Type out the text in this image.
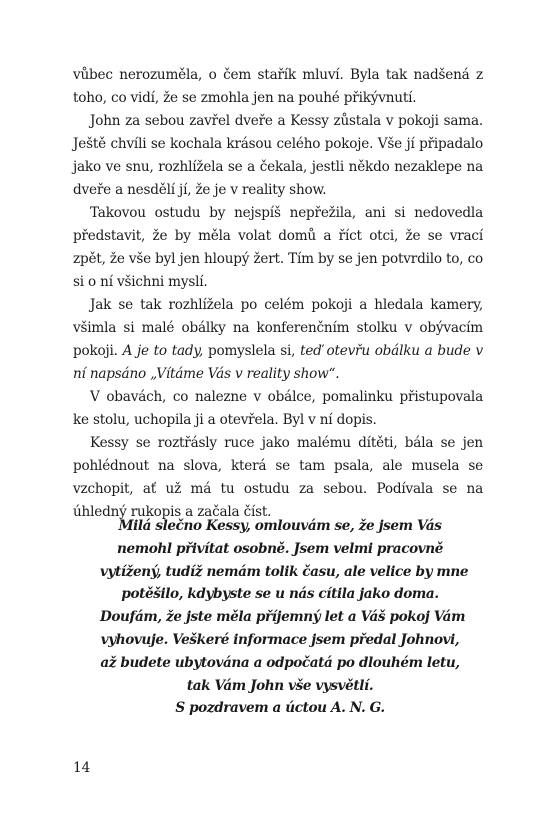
vůbec nerozuměla, o čem stařík mluví. Byla tak nadšená z toho, co vidí, že se zmohla jen na pouhé přikývnutí.

John za sebou zavřel dveře a Kessy zůstala v pokoji sama. Ještě chvíli se kochala krásou celého pokoje. Vše jí připadalo jako ve snu, rozhlížela se a čekala, jestli někdo nezaklepe na dveře a nesdělí jí, že je v reality show.

Takovou ostudu by nejspíš nepřežila, ani si nedovedla představit, že by měla volat domů a říct otci, že se vrací zpět, že vše byl jen hloupý žert. Tím by se jen potvrdilo to, co si o ní všichni myslí.

Jak se tak rozhlížela po celém pokoji a hledala kamery, všimla si malé obálky na konferenčním stolku v obývacím pokoji. A je to tady, pomyslela si, teď otevřu obálku a bude v ní napsáno „Vítáme Vás v reality show“.

V obavách, co nalezne v obálce, pomalinku přistupovala ke stolu, uchopila ji a otevřela. Byl v ní dopis.

Kessy se roztřásly ruce jako malému dítěti, bála se jen pohlédnout na slova, která se tam psala, ale musela se vzchopit, ať už má tu ostudu za sebou. Podívala se na úhledný rukopis a začala číst.

Milá slečno Kessy, omlouvám se, že jsem Vás
nemohl přivítat osobně. Jsem velmi pracovně
vytížený, tudíž nemám tolik času, ale velice by mne
potěšilo, kdybyste se u nás cítila jako doma.
Doufám, že jste měla příjemný let a Váš pokoj Vám
vyhovuje. Veškeré informace jsem předal Johnovi,
až budete ubytována a odpočatá po dlouhém letu,
tak Vám John vše vysvětlí.
S pozdravem a úctou A. N. G.
14
